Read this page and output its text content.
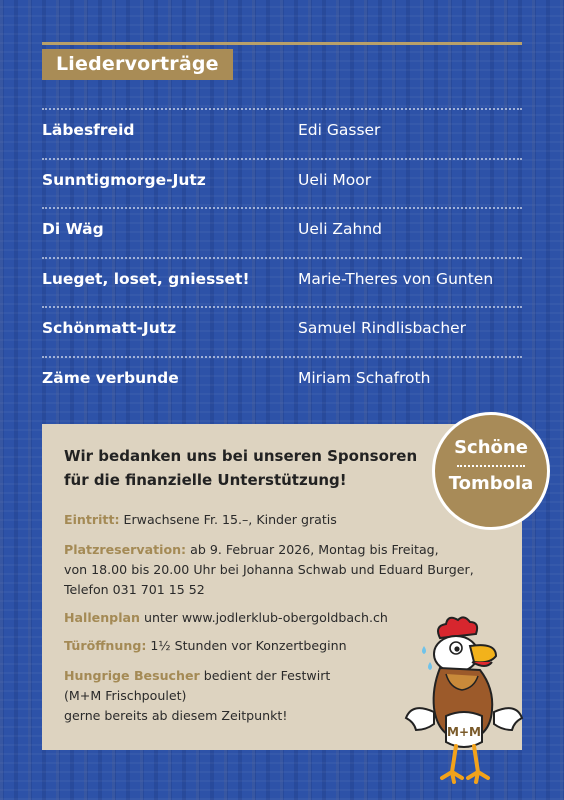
Liedervorträge
Läbesfreid	Edi Gasser
Sunntigmorge-Jutz	Ueli Moor
Di Wäg	Ueli Zahnd
Lueget, loset, gniesset!	Marie-Theres von Gunten
Schönmatt-Jutz	Samuel Rindlisbacher
Zäme verbunde	Miriam Schafroth
Wir bedanken uns bei unseren Sponsoren
für die finanzielle Unterstützung!
Eintritt: Erwachsene Fr. 15.–, Kinder gratis
Platzreservation: ab 9. Februar 2026, Montag bis Freitag,
von 18.00 bis 20.00 Uhr bei Johanna Schwab und Eduard Burger,
Telefon 031 701 15 52
Hallenplan unter www.jodlerklub-obergoldbach.ch
Türöffnung: 1½ Stunden vor Konzertbeginn
Hungrige Besucher bedient der Festwirt
(M+M Frischpoulet)
gerne bereits ab diesem Zeitpunkt!
Schöne
Tombola
M+M
